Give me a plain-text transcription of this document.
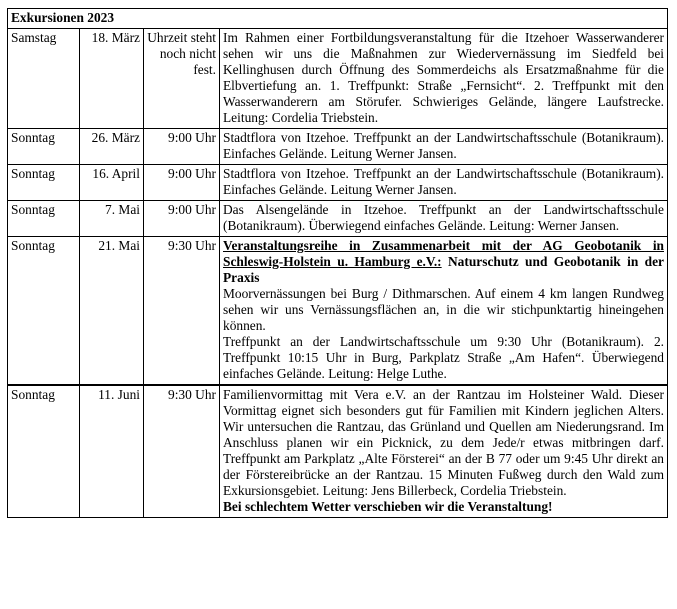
Exkursionen 2023			
Samstag	18. März	Uhrzeit steht noch nicht fest.	Im Rahmen einer Fortbildungsveranstaltung für die Itzehoer Wasserwanderer sehen wir uns die Maßnahmen zur Wiedervernässung im Siedfeld bei Kellinghusen durch Öffnung des Sommerdeichs als Ersatzmaßnahme für die Elbvertiefung an. 1. Treffpunkt: Straße „Fernsicht“. 2. Treffpunkt mit den Wasserwanderern am Störufer. Schwieriges Gelände, längere Laufstrecke. Leitung: Cordelia Triebstein.
Sonntag	26. März	9:00 Uhr	Stadtflora von Itzehoe. Treffpunkt an der Landwirtschaftsschule (Botanikraum). Einfaches Gelände. Leitung Werner Jansen.
Sonntag	16. April	9:00 Uhr	Stadtflora von Itzehoe. Treffpunkt an der Landwirtschaftsschule (Botanikraum). Einfaches Gelände. Leitung Werner Jansen.
Sonntag	7. Mai	9:00 Uhr	Das Alsengelände in Itzehoe. Treffpunkt an der Landwirtschaftsschule (Botanikraum). Überwiegend einfaches Gelände. Leitung: Werner Jansen.
Sonntag	21. Mai	9:30 Uhr	Veranstaltungsreihe in Zusammenarbeit mit der AG Geobotanik in Schleswig-Holstein u. Hamburg e.V.: Naturschutz und Geobotanik in der Praxis
Moorvernässungen bei Burg / Dithmarschen. Auf einem 4 km langen Rundweg sehen wir uns Vernässungsflächen an, in die wir stichpunktartig hineingehen können.
Treffpunkt an der Landwirtschaftsschule um 9:30 Uhr (Botanikraum). 2. Treffpunkt 10:15 Uhr in Burg, Parkplatz Straße „Am Hafen“. Überwiegend einfaches Gelände. Leitung: Helge Luthe.
Sonntag	11. Juni	9:30 Uhr	Familienvormittag mit Vera e.V. an der Rantzau im Holsteiner Wald. Dieser Vormittag eignet sich besonders gut für Familien mit Kindern jeglichen Alters. Wir untersuchen die Rantzau, das Grünland und Quellen am Niederungsrand. Im Anschluss planen wir ein Picknick, zu dem Jede/r etwas mitbringen darf. Treffpunkt am Parkplatz „Alte Försterei“ an der B 77 oder um 9:45 Uhr direkt an der Förstereibrücke an der Rantzau. 15 Minuten Fußweg durch den Wald zum Exkursionsgebiet. Leitung: Jens Billerbeck, Cordelia Triebstein.
Bei schlechtem Wetter verschieben wir die Veranstaltung!
